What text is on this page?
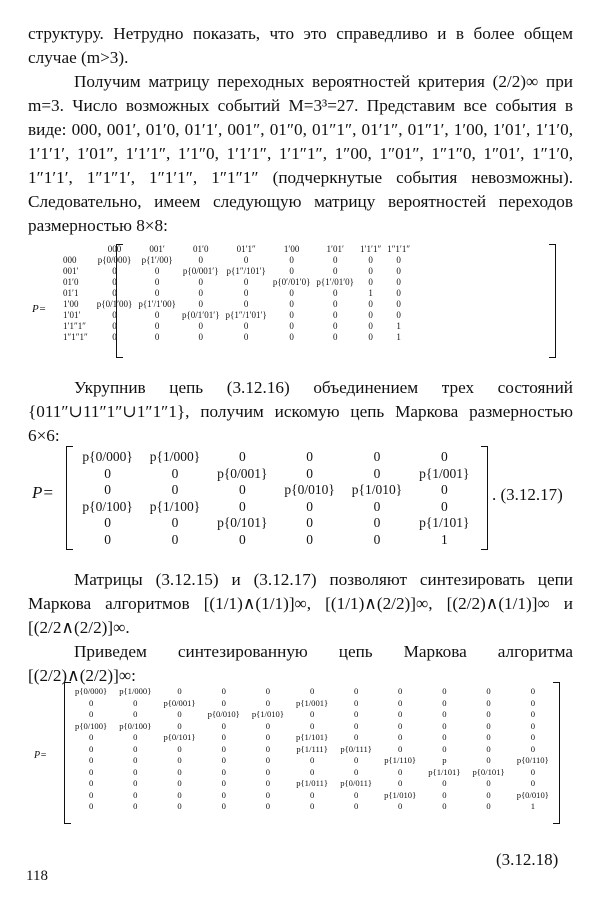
структуру. Нетрудно показать, что это справедливо и в более общем случае (m>3).
Получим матрицу переходных вероятностей критерия (2/2)∞ при m=3. Число возможных событий M=3³=27. Представим все события в виде: 000, 001′, 01′0, 01′1′, 001″, 01″0, 01″1″, 01′1″, 01″1′, 1′00, 1′01′, 1′1′0, 1′1′1′, 1′01″, 1′1′1″, 1′1″0, 1′1′1″, 1′1″1″, 1″00, 1″01″, 1″1″0, 1″01′, 1″1′0, 1″1′1′, 1″1″1′, 1″1′1″, 1″1″1″ (подчеркнутые события невозможны). Следовательно, имеем следующую матрицу вероятностей переходов размерностью 8×8:
P=
	000	001′	01′0	01′1″	1′00	1′01′	1′1′1″	1″1′1″
000	p{0/000}	p{1′/00}	0	0	0	0	0	0
001′	0	0	p{0/001′}	p{1″/101′}	0	0	0	0
01′0	0	0	0	0	p{0′/01′0}	p{1′/01′0}	0	0
01′1	0	0	0	0	0	0	1	0
1′00	p{0/1′00}	p{1′/1′00}	0	0	0	0	0	0
1′01′	0	0	p{0/1′01′}	p{1″/1′01′}	0	0	0	0
1′1″1″	0	0	0	0	0	0	0	1
1″1″1″	0	0	0	0	0	0	0	1
Укрупнив цепь (3.12.16) объединением трех состояний {011″∪11″1″∪1″1″1}, получим искомую цепь Маркова размерностью 6×6:
P=
p{0/000}	p{1/000}	0	0	0	0
0	0	p{0/001}	0	0	p{1/001}
0	0	0	p{0/010}	p{1/010}	0
p{0/100}	p{1/100}	0	0	0	0
0	0	p{0/101}	0	0	p{1/101}
0	0	0	0	0	1
. (3.12.17)
Матрицы (3.12.15) и (3.12.17) позволяют синтезировать цепи Маркова алгоритмов [(1/1)∧(1/1)]∞, [(1/1)∧(2/2)]∞, [(2/2)∧(1/1)]∞ и [(2/2∧(2/2)]∞.
Приведем синтезированную цепь Маркова алгоритма [(2/2)∧(2/2)]∞:
P=
p{0/000}	p{1/000}	0	0	0	0	0	0	0	0	0
0	0	p{0/001}	0	0	p{1/001}	0	0	0	0	0
0	0	0	p{0/010}	p{1/010}	0	0	0	0	0	0
p{0/100}	p{0/100}	0	0	0	0	0	0	0	0	0
0	0	p{0/101}	0	0	p{1/101}	0	0	0	0	0
0	0	0	0	0	p{1/111}	p{0/111}	0	0	0	0
0	0	0	0	0	0	0	p{1/110}	p	0	p{0/110}
0	0	0	0	0	0	0	0	p{1/101}	p{0/101}	0
0	0	0	0	0	p{1/011}	p{0/011}	0	0	0	0
0	0	0	0	0	0	0	p{1/010}	0	0	p{0/010}
0	0	0	0	0	0	0	0	0	0	1
(3.12.18)
118
